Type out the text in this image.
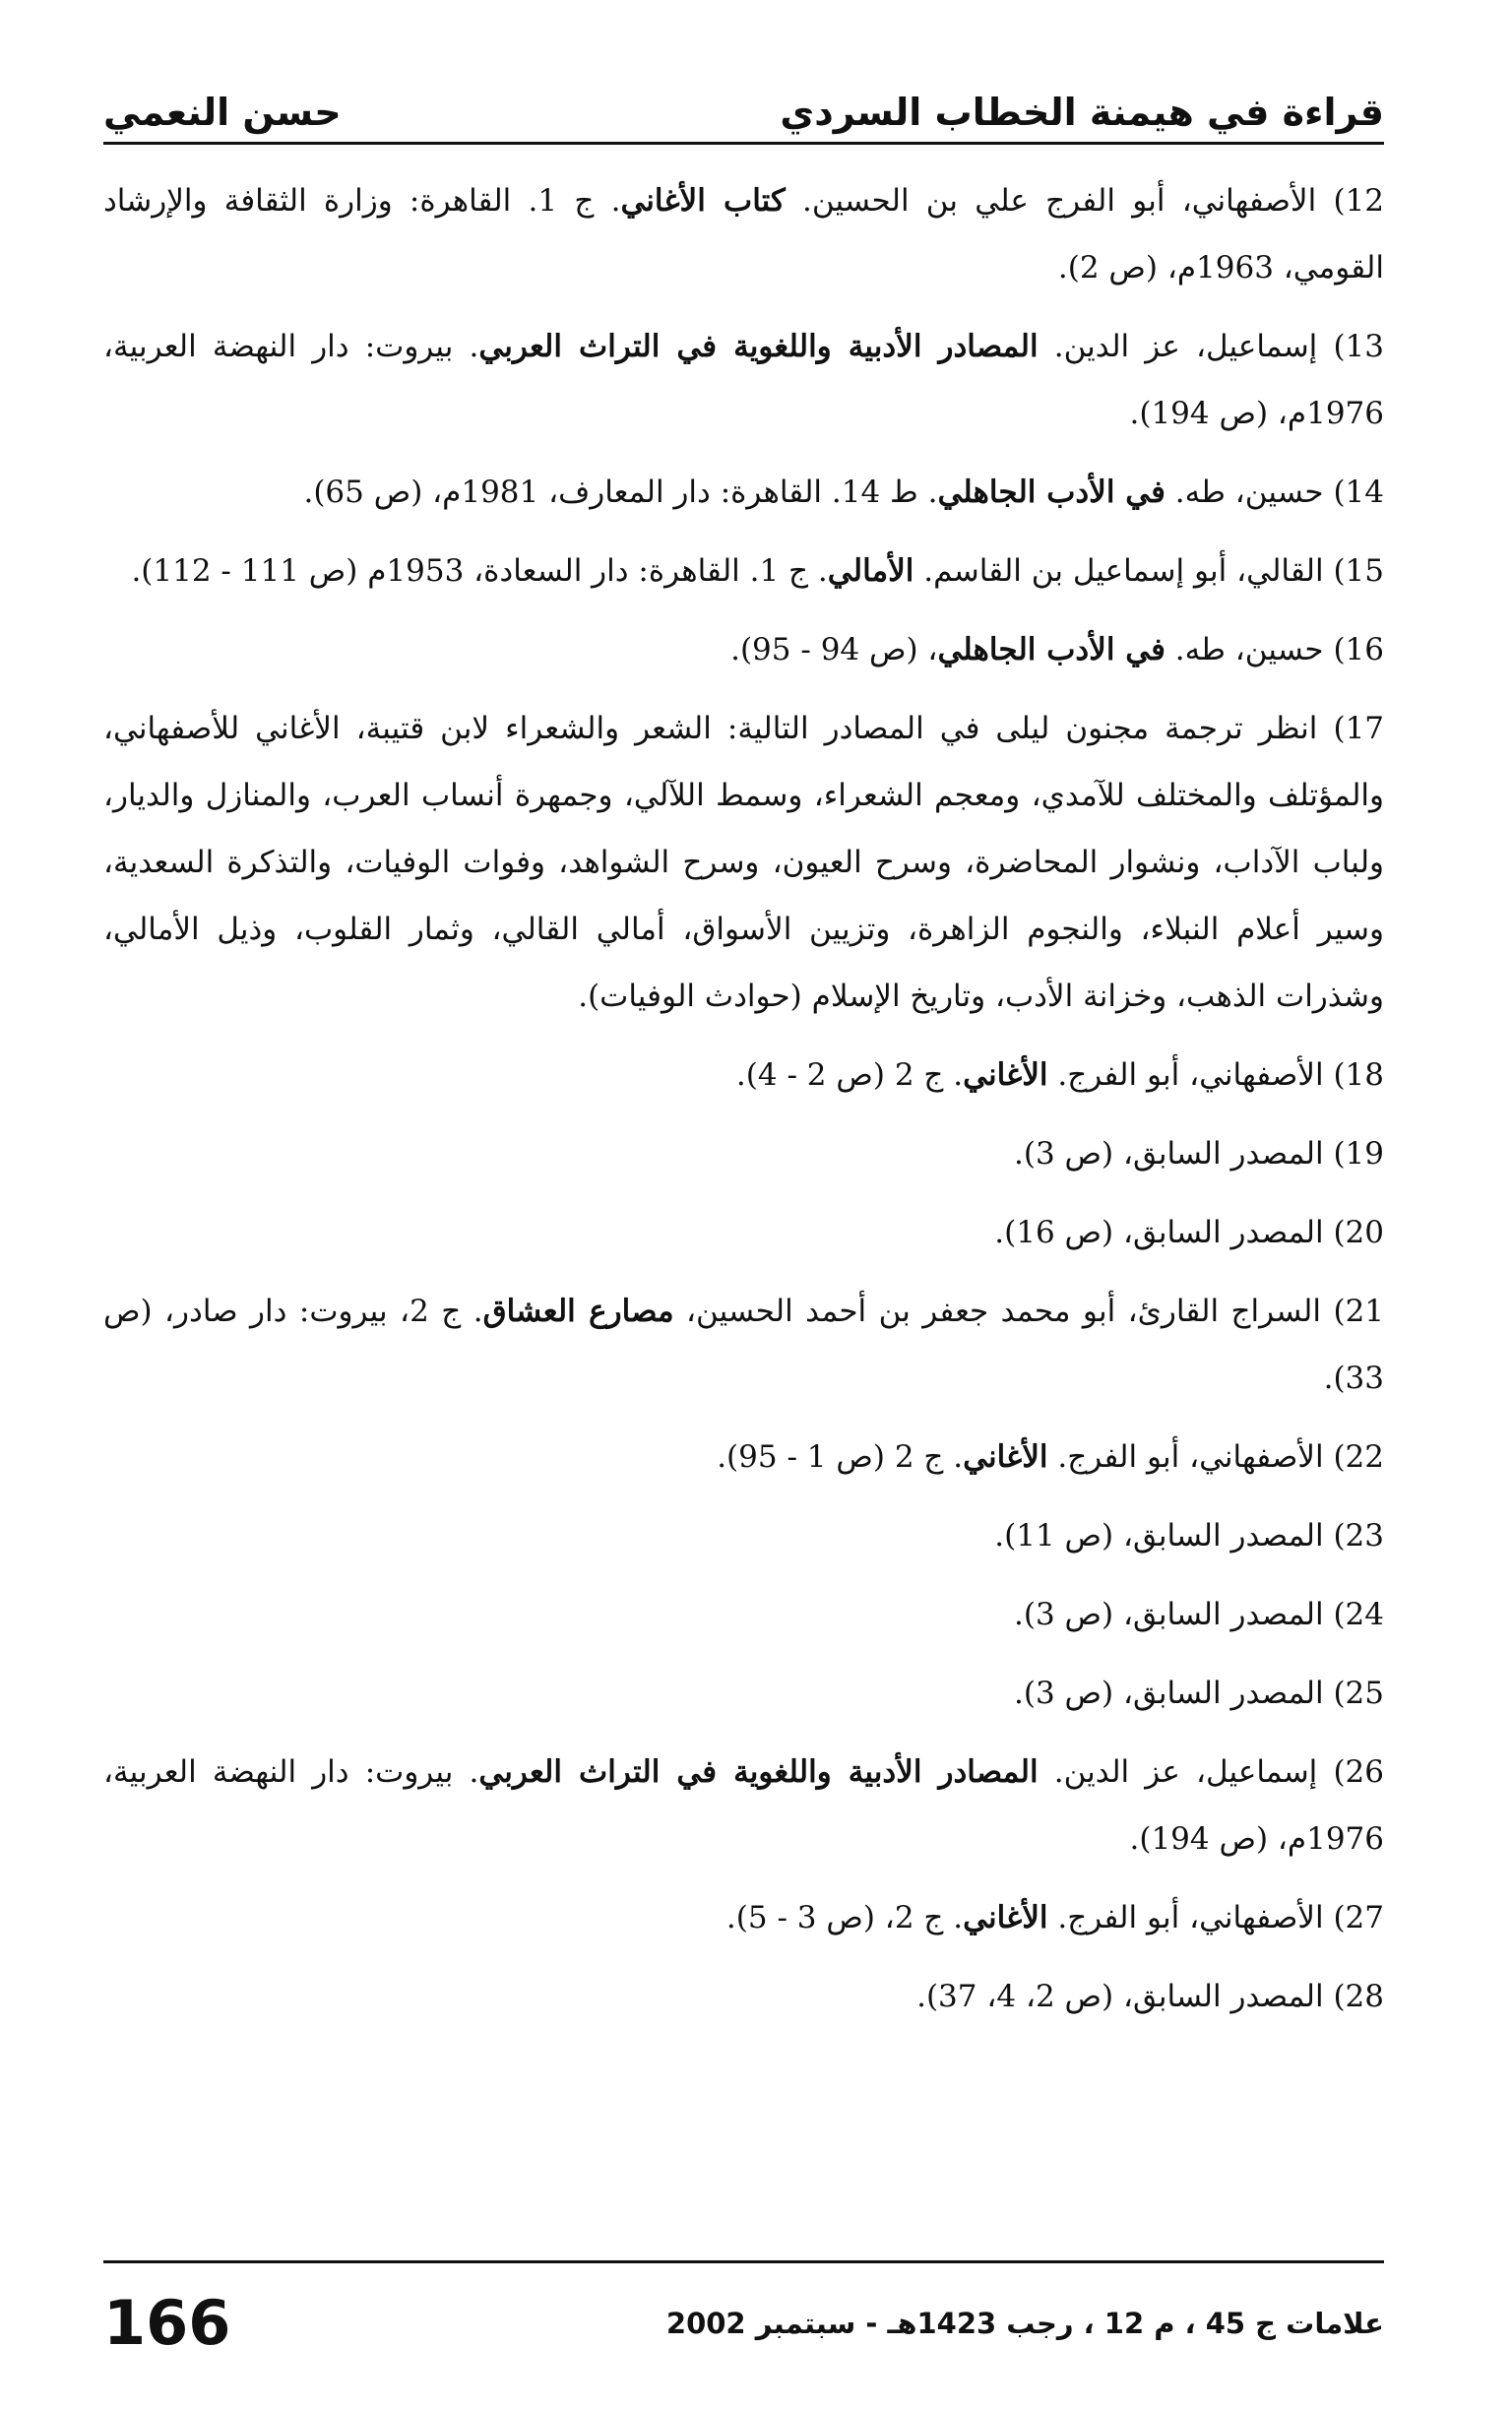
قراءة في هيمنة الخطاب السردي
حسن النعمي

12) الأصفهاني، أبو الفرج علي بن الحسين. كتاب الأغاني. ج 1. القاهرة: وزارة الثقافة والإرشاد القومي، 1963م، (ص 2).

13) إسماعيل، عز الدين. المصادر الأدبية واللغوية في التراث العربي. بيروت: دار النهضة العربية، 1976م، (ص 194).

14) حسين، طه. في الأدب الجاهلي. ط 14. القاهرة: دار المعارف، 1981م، (ص 65).

15) القالي، أبو إسماعيل بن القاسم. الأمالي. ج 1. القاهرة: دار السعادة، 1953م (ص 111 - 112).

16) حسين، طه. في الأدب الجاهلي، (ص 94 - 95).

17) انظر ترجمة مجنون ليلى في المصادر التالية: الشعر والشعراء لابن قتيبة، الأغاني للأصفهاني، والمؤتلف والمختلف للآمدي، ومعجم الشعراء، وسمط اللآلي، وجمهرة أنساب العرب، والمنازل والديار، ولباب الآداب، ونشوار المحاضرة، وسرح العيون، وسرح الشواهد، وفوات الوفيات، والتذكرة السعدية، وسير أعلام النبلاء، والنجوم الزاهرة، وتزيين الأسواق، أمالي القالي، وثمار القلوب، وذيل الأمالي، وشذرات الذهب، وخزانة الأدب، وتاريخ الإسلام (حوادث الوفيات).

18) الأصفهاني، أبو الفرج. الأغاني. ج 2 (ص 2 - 4).

19) المصدر السابق، (ص 3).

20) المصدر السابق، (ص 16).

21) السراج القارئ، أبو محمد جعفر بن أحمد الحسين، مصارع العشاق. ج 2، بيروت: دار صادر، (ص 33).

22) الأصفهاني، أبو الفرج. الأغاني. ج 2 (ص 1 - 95).

23) المصدر السابق، (ص 11).

24) المصدر السابق، (ص 3).

25) المصدر السابق، (ص 3).

26) إسماعيل، عز الدين. المصادر الأدبية واللغوية في التراث العربي. بيروت: دار النهضة العربية، 1976م، (ص 194).

27) الأصفهاني، أبو الفرج. الأغاني. ج 2، (ص 3 - 5).

28) المصدر السابق، (ص 2، 4، 37).

علامات ج 45 ، م 12 ، رجب 1423هـ - سبتمبر 2002
166
